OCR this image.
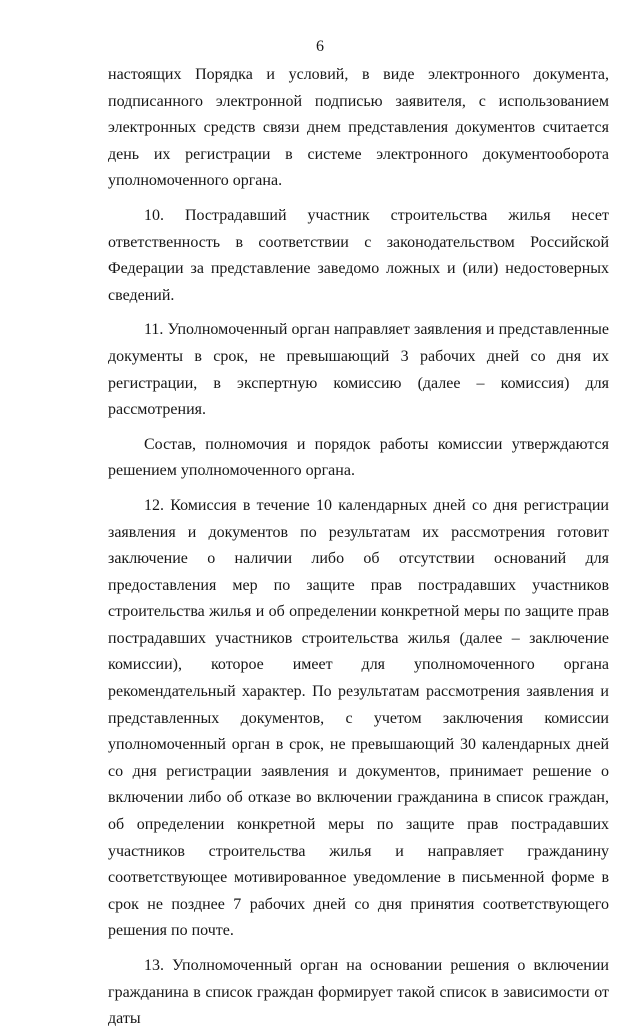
6

настоящих Порядка и условий, в виде электронного документа, подписанного электронной подписью заявителя, с использованием электронных средств связи днем представления документов считается день их регистрации в системе электронного документооборота уполномоченного органа.

10. Пострадавший участник строительства жилья несет ответственность в соответствии с законодательством Российской Федерации за представление заведомо ложных и (или) недостоверных сведений.

11. Уполномоченный орган направляет заявления и представленные документы в срок, не превышающий 3 рабочих дней со дня их регистрации, в экспертную комиссию (далее – комиссия) для рассмотрения.

Состав, полномочия и порядок работы комиссии утверждаются решением уполномоченного органа.

12. Комиссия в течение 10 календарных дней со дня регистрации заявления и документов по результатам их рассмотрения готовит заключение о наличии либо об отсутствии оснований для предоставления мер по защите прав пострадавших участников строительства жилья и об определении конкретной меры по защите прав пострадавших участников строительства жилья (далее – заключение комиссии), которое имеет для уполномоченного органа рекомендательный характер. По результатам рассмотрения заявления и представленных документов, с учетом заключения комиссии уполномоченный орган в срок, не превышающий 30 календарных дней со дня регистрации заявления и документов, принимает решение о включении либо об отказе во включении гражданина в список граждан, об определении конкретной меры по защите прав пострадавших участников строительства жилья и направляет гражданину соответствующее мотивированное уведомление в письменной форме в срок не позднее 7 рабочих дней со дня принятия соответствующего решения по почте.

13. Уполномоченный орган на основании решения о включении гражданина в список граждан формирует такой список в зависимости от даты
